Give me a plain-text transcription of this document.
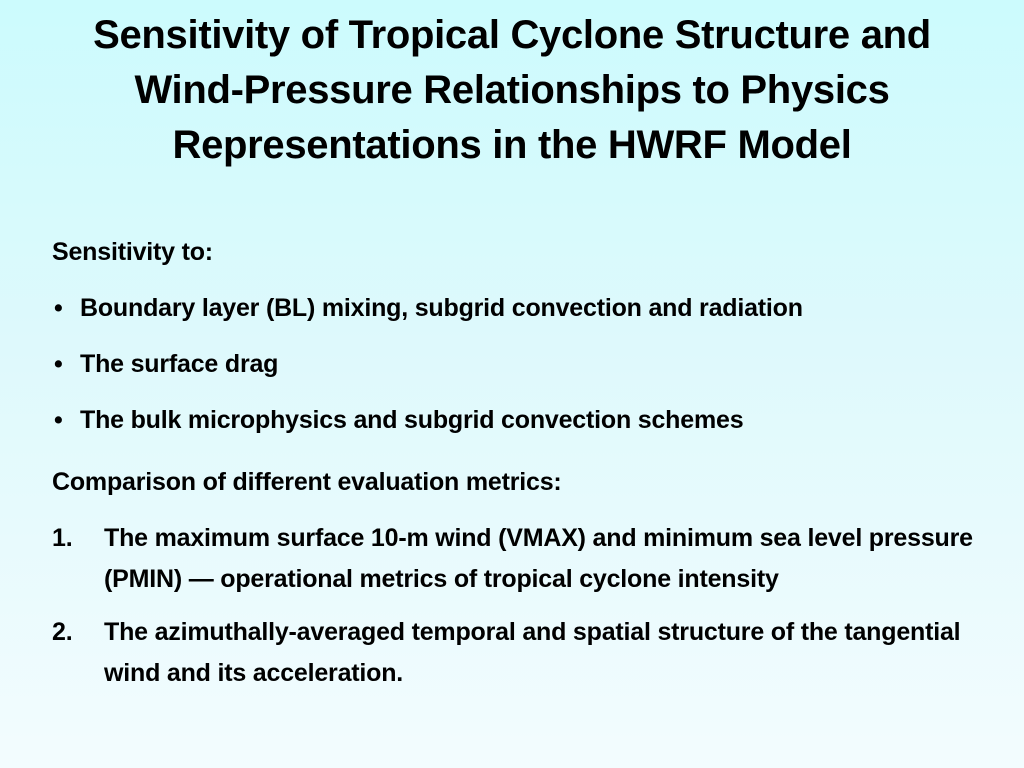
Sensitivity of Tropical Cyclone Structure and
Wind-Pressure Relationships to Physics
Representations in the HWRF Model
Sensitivity to:
• Boundary layer (BL) mixing, subgrid convection and radiation
• The surface drag
• The bulk microphysics and subgrid convection schemes
Comparison of different evaluation metrics:
1. The maximum surface 10-m wind (VMAX) and minimum sea level pressure (PMIN) — operational metrics of tropical cyclone intensity
2. The azimuthally-averaged temporal and spatial structure of the tangential wind and its acceleration.
